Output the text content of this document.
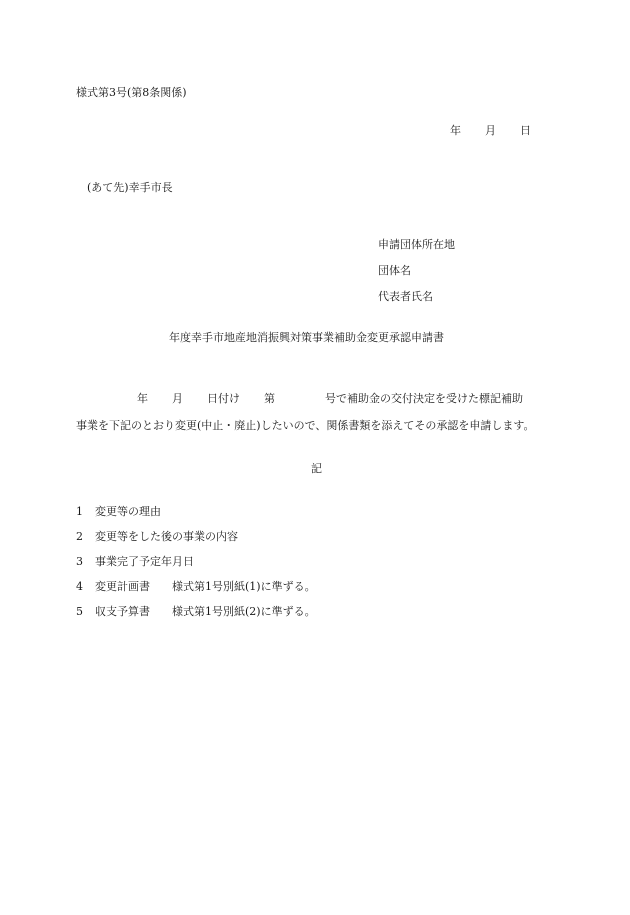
様式第3号(第8条関係)
年 月 日
(あて先)幸手市長
申請団体所在地
団体名
代表者氏名
年度幸手市地産地消振興対策事業補助金変更承認申請書
年 月 日付け 第	号で補助金の交付決定を受けた標記補助
事業を下記のとおり変更(中止・廃止)したいので、関係書類を添えてその承認を申請します。
記
1 変更等の理由
2 変更等をした後の事業の内容
3 事業完了予定年月日
4 変更計画書 様式第1号別紙(1)に準ずる。
5 収支予算書 様式第1号別紙(2)に準ずる。
